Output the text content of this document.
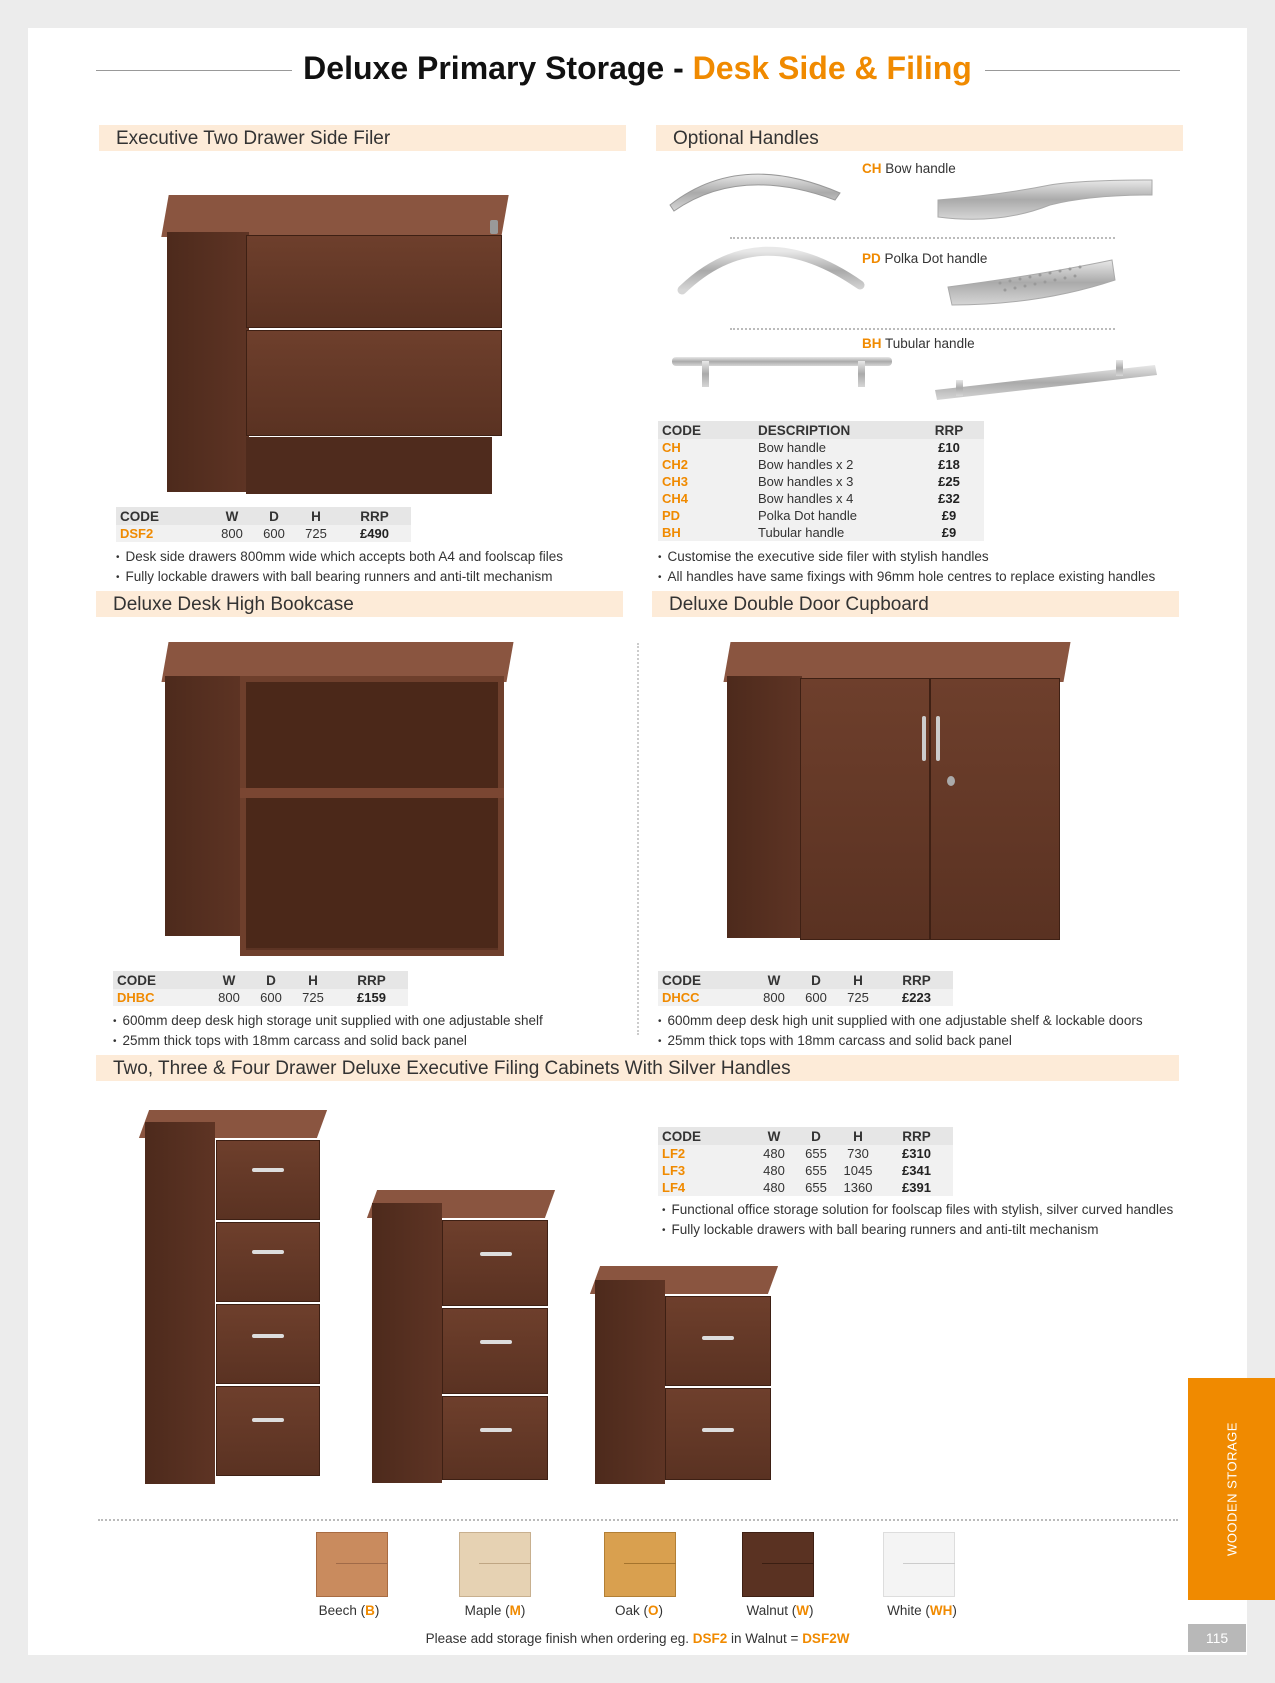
Deluxe Primary Storage - Desk Side & Filing
Executive Two Drawer Side Filer	Optional Handles
Deluxe Desk High Bookcase	Deluxe Double Door Cupboard
Two, Three & Four Drawer Deluxe Executive Filing Cabinets With Silver Handles
CODE	W	D	H	RRP
DSF2	800	600	725	£490
• Desk side drawers 800mm wide which accepts both A4 and foolscap files
• Fully lockable drawers with ball bearing runners and anti-tilt mechanism
CH Bow handle
PD Polka Dot handle
BH Tubular handle
CODE	DESCRIPTION	RRP
CH	Bow handle	£10
CH2	Bow handles x 2	£18
CH3	Bow handles x 3	£25
CH4	Bow handles x 4	£32
PD	Polka Dot handle	£9
BH	Tubular handle	£9
• Customise the executive side filer with stylish handles
• All handles have same fixings with 96mm hole centres to replace existing handles
CODE	W	D	H	RRP
DHBC	800	600	725	£159
• 600mm deep desk high storage unit supplied with one adjustable shelf
• 25mm thick tops with 18mm carcass and solid back panel
CODE	W	D	H	RRP
DHCC	800	600	725	£223
• 600mm deep desk high unit supplied with one adjustable shelf & lockable doors
• 25mm thick tops with 18mm carcass and solid back panel
CODE	W	D	H	RRP
LF2	480	655	730	£310
LF3	480	655	1045	£341
LF4	480	655	1360	£391
• Functional office storage solution for foolscap files with stylish, silver curved handles
• Fully lockable drawers with ball bearing runners and anti-tilt mechanism
Beech (B)	Maple (M)	Oak (O)	Walnut (W)	White (WH)
Please add storage finish when ordering eg. DSF2 in Walnut = DSF2W
WOODEN STORAGE
115
